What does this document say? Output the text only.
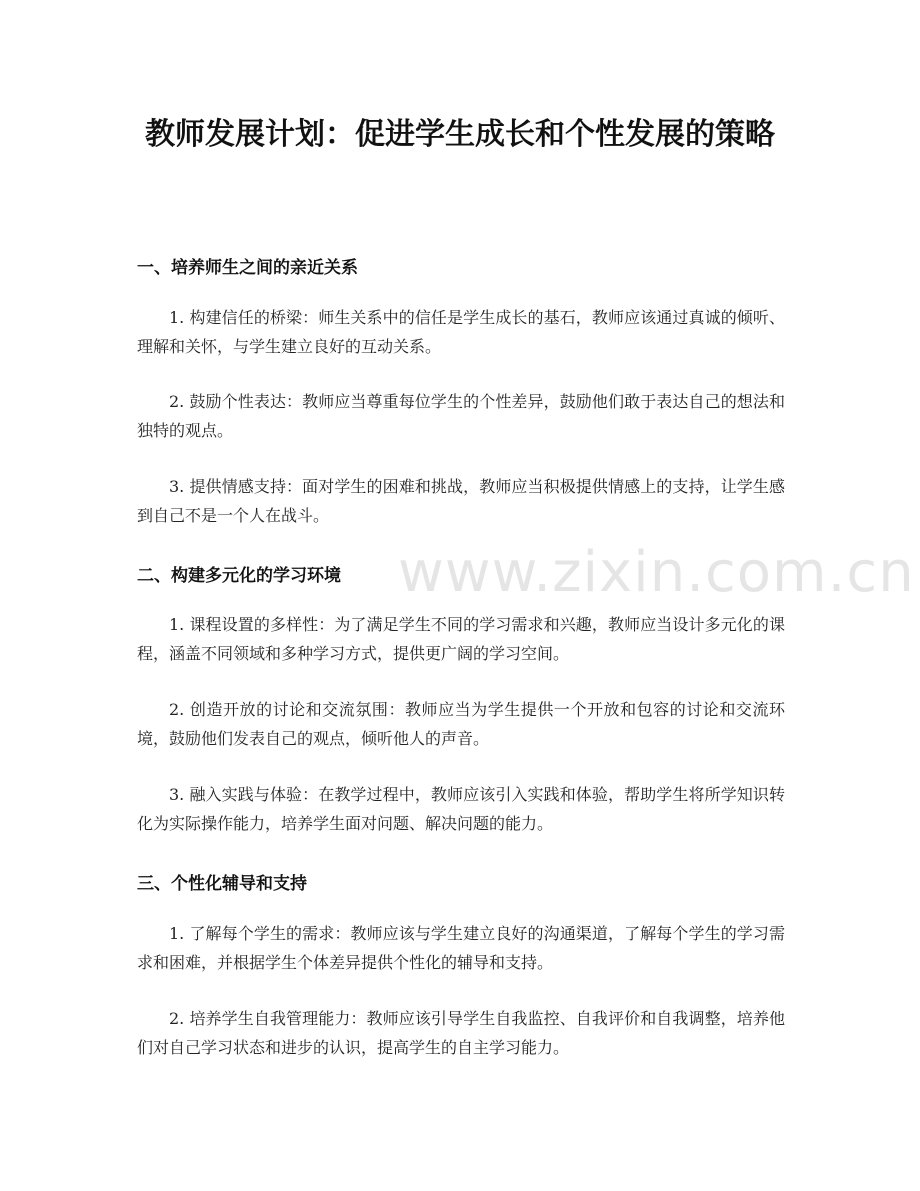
教师发展计划：促进学生成长和个性发展的策略
www.zixin.com.cn
一、培养师生之间的亲近关系

1. 构建信任的桥梁：师生关系中的信任是学生成长的基石，教师应该通过真诚的倾听、理解和关怀，与学生建立良好的互动关系。

2. 鼓励个性表达：教师应当尊重每位学生的个性差异，鼓励他们敢于表达自己的想法和独特的观点。

3. 提供情感支持：面对学生的困难和挑战，教师应当积极提供情感上的支持，让学生感到自己不是一个人在战斗。

二、构建多元化的学习环境

1. 课程设置的多样性：为了满足学生不同的学习需求和兴趣，教师应当设计多元化的课程，涵盖不同领域和多种学习方式，提供更广阔的学习空间。

2. 创造开放的讨论和交流氛围：教师应当为学生提供一个开放和包容的讨论和交流环境，鼓励他们发表自己的观点，倾听他人的声音。

3. 融入实践与体验：在教学过程中，教师应该引入实践和体验，帮助学生将所学知识转化为实际操作能力，培养学生面对问题、解决问题的能力。

三、个性化辅导和支持

1. 了解每个学生的需求：教师应该与学生建立良好的沟通渠道，了解每个学生的学习需求和困难，并根据学生个体差异提供个性化的辅导和支持。

2. 培养学生自我管理能力：教师应该引导学生自我监控、自我评价和自我调整，培养他们对自己学习状态和进步的认识，提高学生的自主学习能力。
